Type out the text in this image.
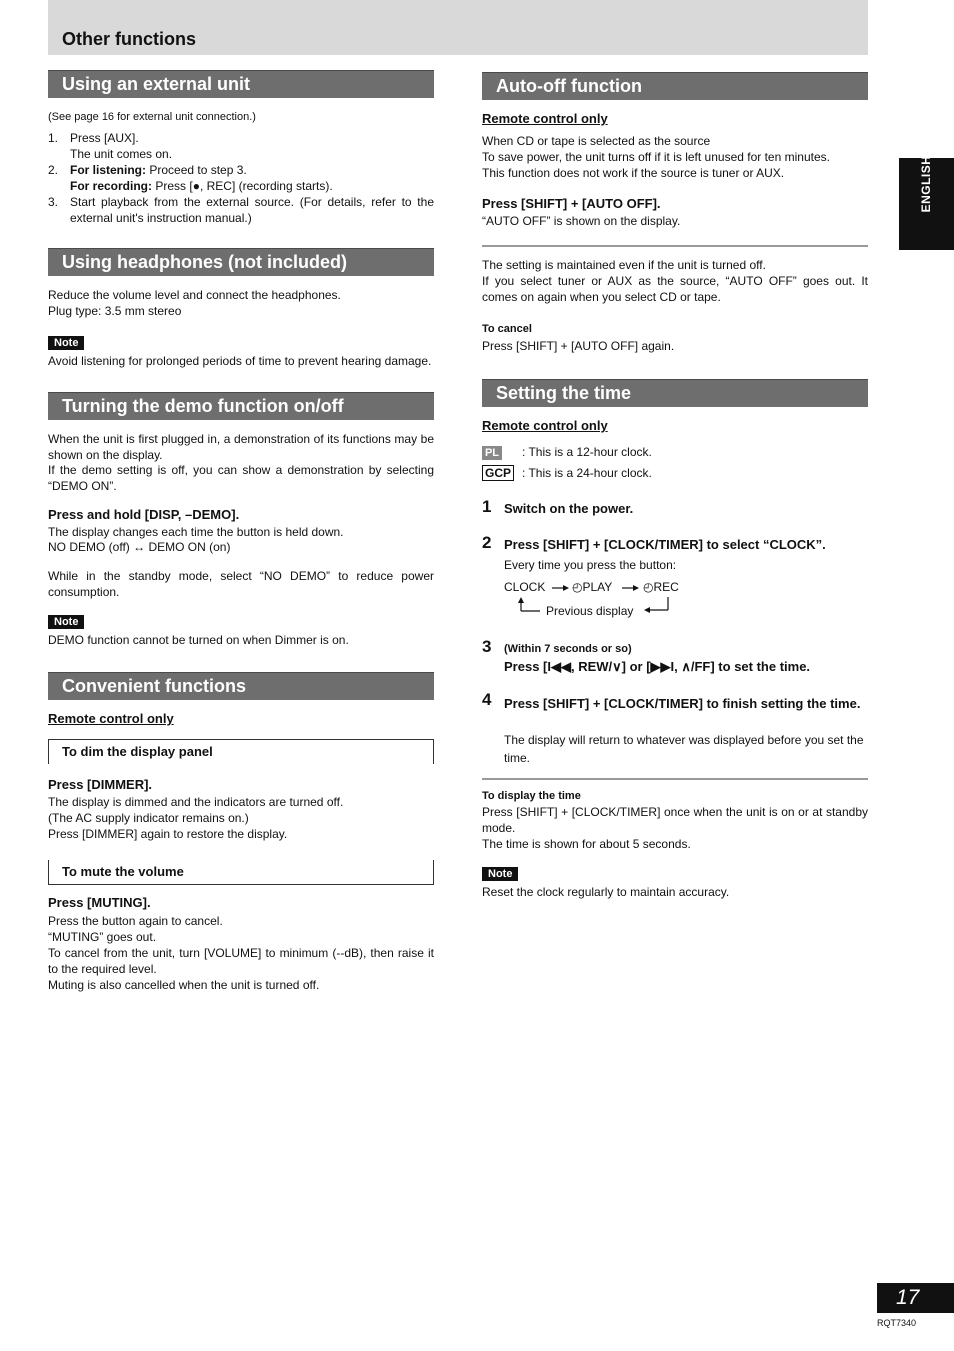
Other functions
Using an external unit
(See page 16 for external unit connection.)
1. Press [AUX].
The unit comes on.
2. For listening: Proceed to step 3.
For recording: Press [●, REC] (recording starts).
3. Start playback from the external source. (For details, refer to the external unit's instruction manual.)
Using headphones (not included)
Reduce the volume level and connect the headphones.
Plug type: 3.5 mm stereo
Note
Avoid listening for prolonged periods of time to prevent hearing damage.
Turning the demo function on/off
When the unit is first plugged in, a demonstration of its functions may be shown on the display.
If the demo setting is off, you can show a demonstration by selecting “DEMO ON”.
Press and hold [DISP, –DEMO].
The display changes each time the button is held down.
NO DEMO (off) ↔ DEMO ON (on)
While in the standby mode, select “NO DEMO” to reduce power consumption.
Note
DEMO function cannot be turned on when Dimmer is on.
Convenient functions
Remote control only
To dim the display panel
Press [DIMMER].
The display is dimmed and the indicators are turned off.
(The AC supply indicator remains on.)
Press [DIMMER] again to restore the display.
To mute the volume
Press [MUTING].
Press the button again to cancel.
“MUTING” goes out.
To cancel from the unit, turn [VOLUME] to minimum (--dB), then raise it to the required level.
Muting is also cancelled when the unit is turned off.
Auto-off function
Remote control only
When CD or tape is selected as the source
To save power, the unit turns off if it is left unused for ten minutes.
This function does not work if the source is tuner or AUX.
Press [SHIFT] + [AUTO OFF].
“AUTO OFF” is shown on the display.
The setting is maintained even if the unit is turned off.
If you select tuner or AUX as the source, “AUTO OFF” goes out. It comes on again when you select CD or tape.
To cancel
Press [SHIFT] + [AUTO OFF] again.
Setting the time
Remote control only
PL : This is a 12-hour clock.
GCP : This is a 24-hour clock.
1 Switch on the power.
2 Press [SHIFT] + [CLOCK/TIMER] to select “CLOCK”.
Every time you press the button:
CLOCK ◴PLAY	◴REC
Previous display
3 (Within 7 seconds or so)
Press [I◀◀, REW/∨] or [▶▶I, ∧/FF] to set the time.
4 Press [SHIFT] + [CLOCK/TIMER] to finish setting the time.
The display will return to whatever was displayed before you set the time.
To display the time
Press [SHIFT] + [CLOCK/TIMER] once when the unit is on or at standby mode.
The time is shown for about 5 seconds.
Note
Reset the clock regularly to maintain accuracy.
ENGLISH
17
RQT7340
